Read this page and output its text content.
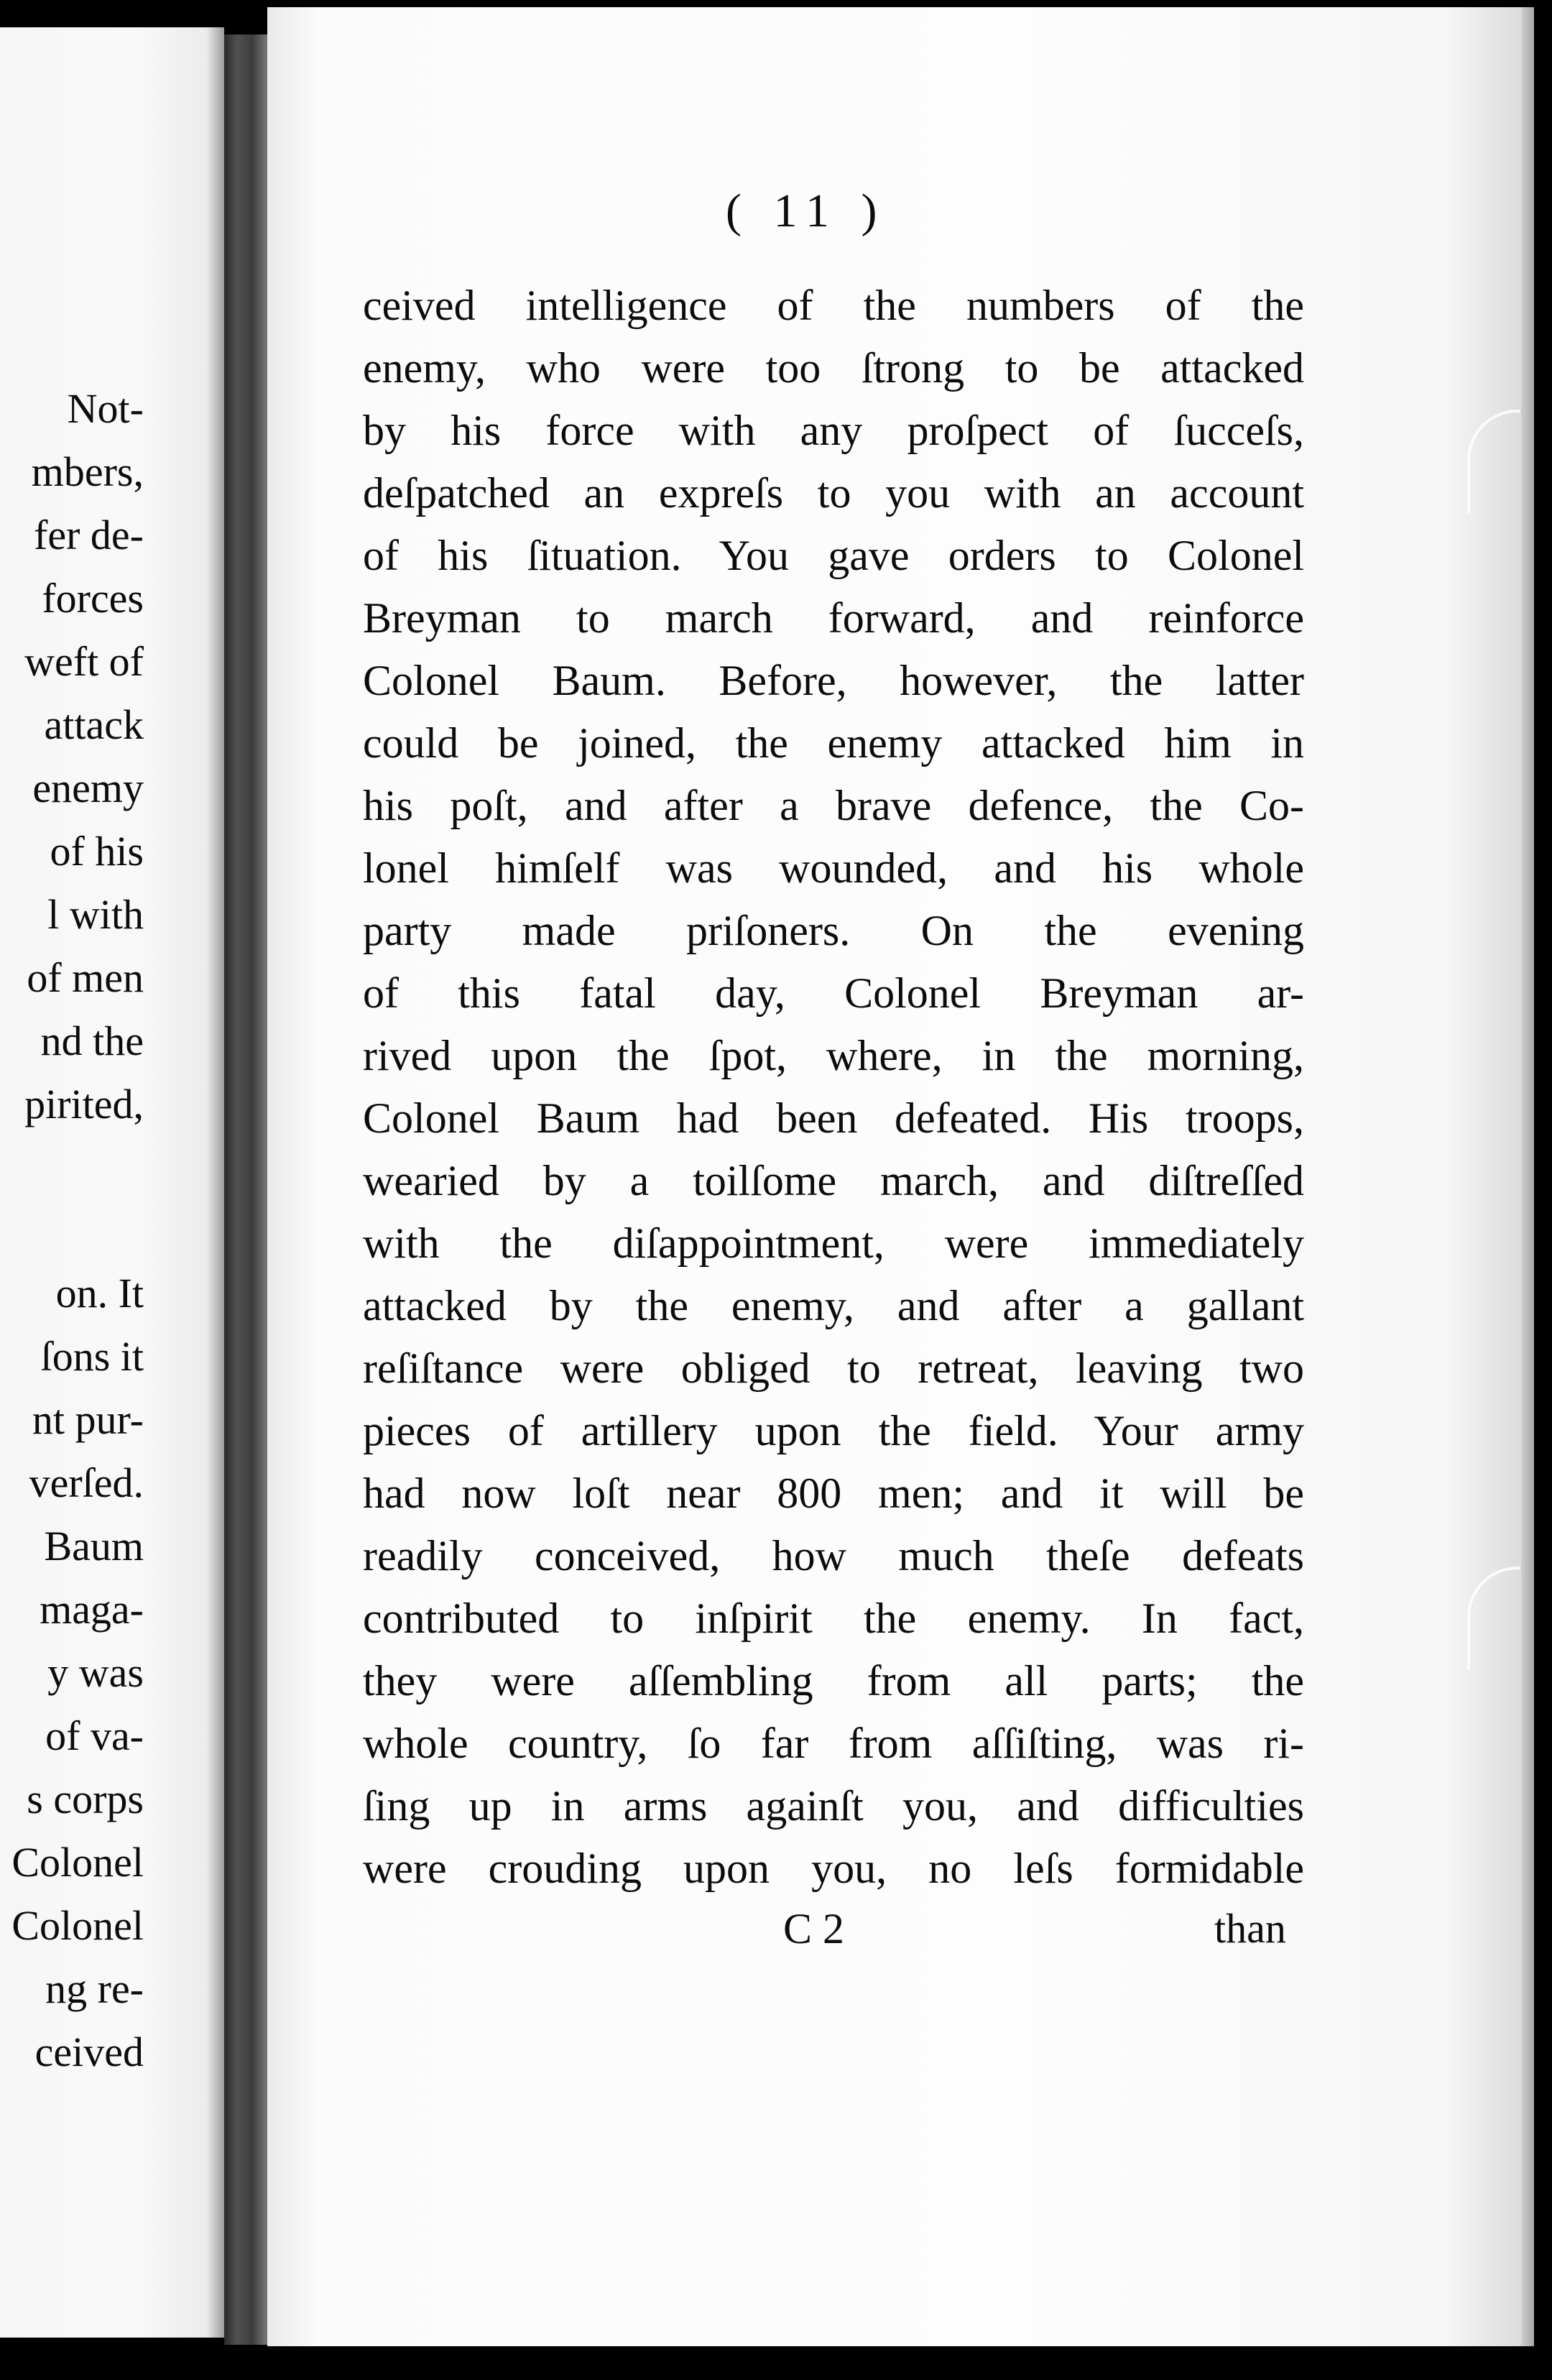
Not-
mbers,
fer de-
forces
weft of
attack
enemy
of his
l with
of men
nd the
pirited,
on. It
ſons it
nt pur-
verſed.
Baum
maga-
y was
of va-
s corps
Colonel
Colonel
ng re-
ceived
( 11 )
ceived intelligence of the numbers of the
enemy, who were too ſtrong to be attacked
by his force with any proſpect of ſucceſs,
deſpatched an expreſs to you with an account
of his ſituation. You gave orders to Colonel
Breyman to march forward, and reinforce
Colonel Baum. Before, however, the latter
could be joined, the enemy attacked him in
his poſt, and after a brave defence, the Co-
lonel himſelf was wounded, and his whole
party made priſoners. On the evening
of this fatal day, Colonel Breyman ar-
rived upon the ſpot, where, in the morning,
Colonel Baum had been defeated. His troops,
wearied by a toilſome march, and diſtreſſed
with the diſappointment, were immediately
attacked by the enemy, and after a gallant
reſiſtance were obliged to retreat, leaving two
pieces of artillery upon the field. Your army
had now loſt near 800 men; and it will be
readily conceived, how much theſe defeats
contributed to inſpirit the enemy. In fact,
they were aſſembling from all parts; the
whole country, ſo far from aſſiſting, was ri-
ſing up in arms againſt you, and difficulties
were crouding upon you, no leſs formidable
C 2	than
